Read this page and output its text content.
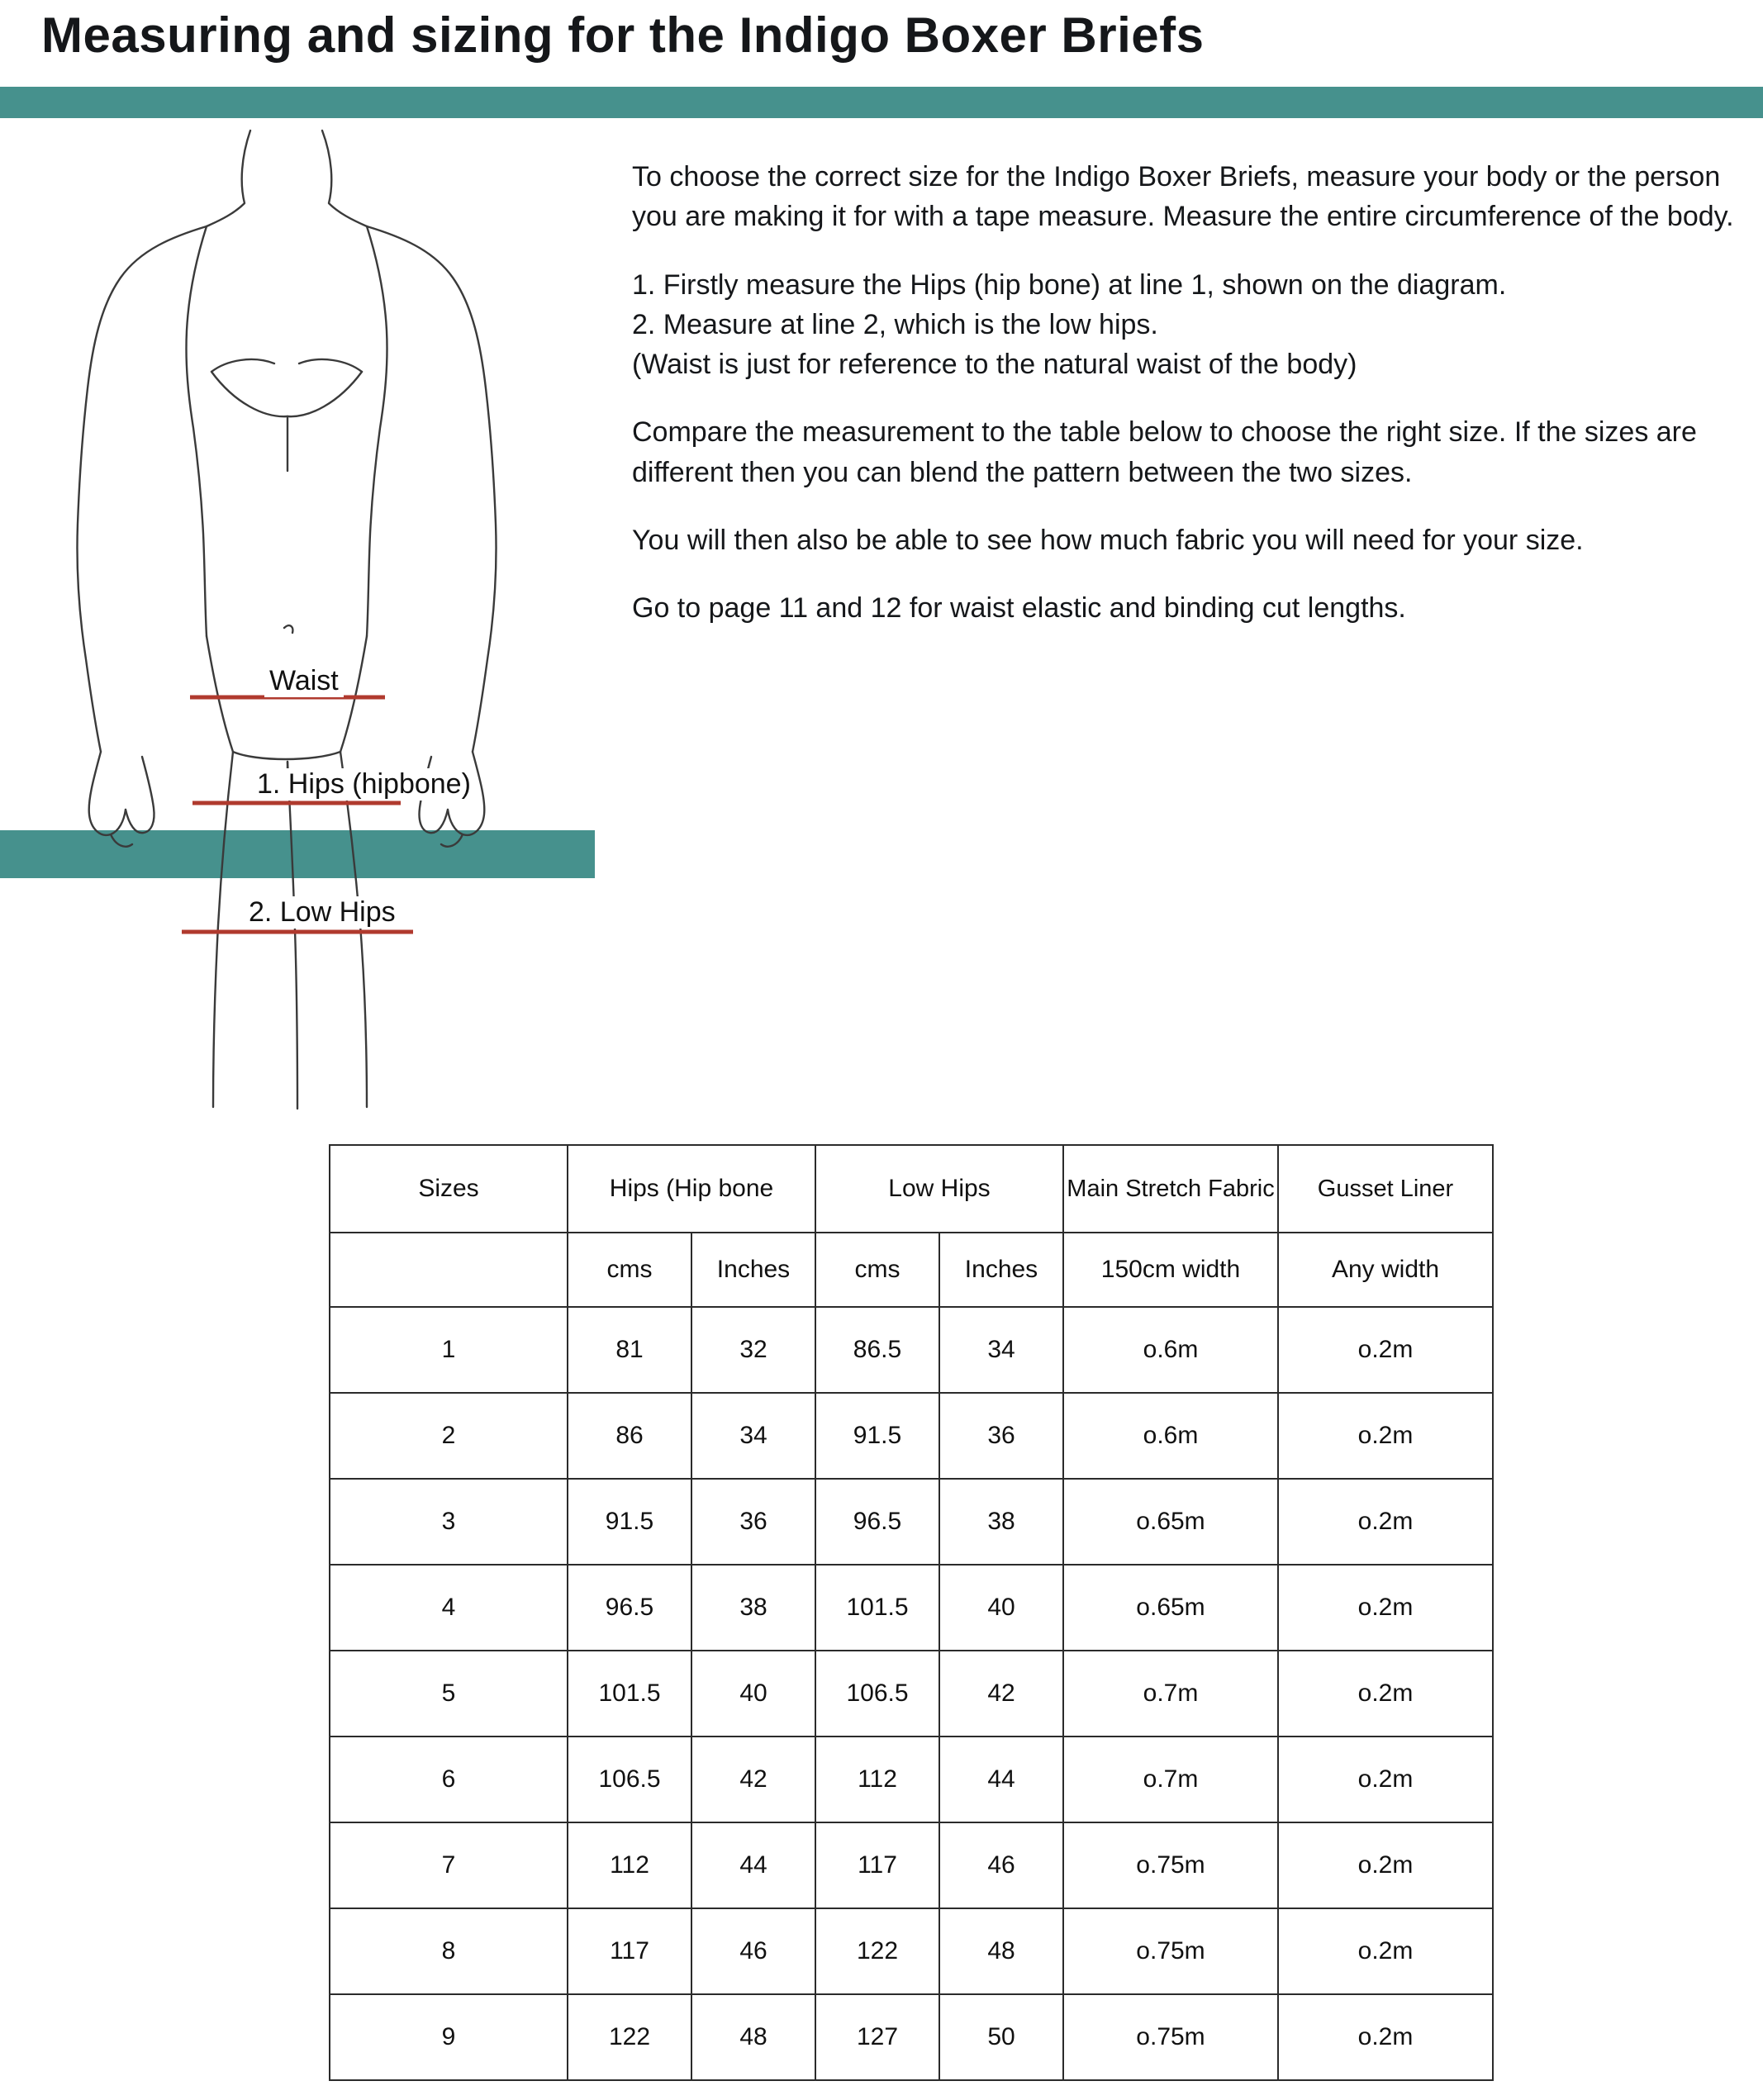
Measuring and sizing for the Indigo Boxer Briefs
Waist
1. Hips (hipbone)
2. Low Hips

To choose the correct size for the Indigo Boxer Briefs, measure your body or the person you are making it for with a tape measure. Measure the entire circumference of the body.

1. Firstly measure the Hips (hip bone) at line 1, shown on the diagram.

2. Measure at line 2, which is the low hips.

(Waist is just for reference to the natural waist of the body)

Compare the measurement to the table below to choose the right size. If the sizes are different then you can blend the pattern between the two sizes.

You will then also be able to see how much fabric you will need for your size.

Go to page 11 and 12 for waist elastic and binding cut lengths.

Sizes	Hips (Hip bone		Low Hips		Main Stretch Fabric	Gusset Liner
	cms	Inches	cms	Inches	150cm width	Any width
1	81	32	86.5	34	o.6m	o.2m
2	86	34	91.5	36	o.6m	o.2m
3	91.5	36	96.5	38	o.65m	o.2m
4	96.5	38	101.5	40	o.65m	o.2m
5	101.5	40	106.5	42	o.7m	o.2m
6	106.5	42	112	44	o.7m	o.2m
7	112	44	117	46	o.75m	o.2m
8	117	46	122	48	o.75m	o.2m
9	122	48	127	50	o.75m	o.2m
